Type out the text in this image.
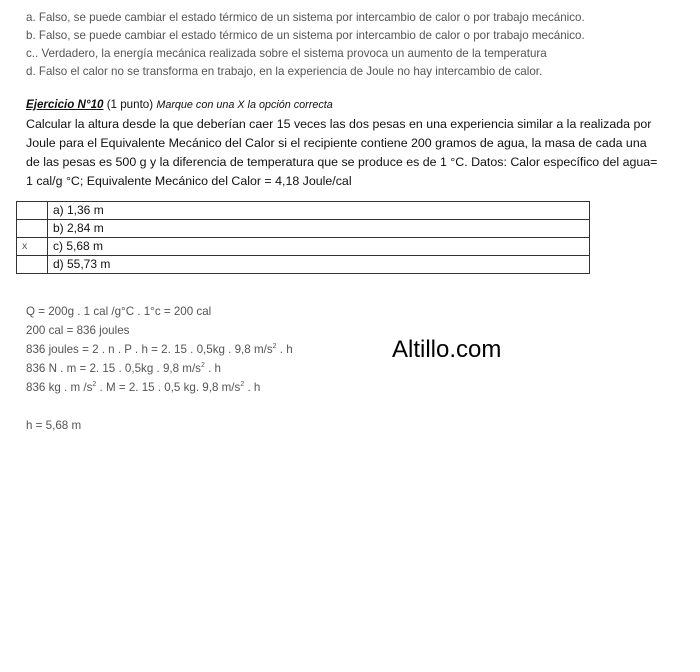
a. Falso, se puede cambiar el estado térmico de un sistema por intercambio de calor o por trabajo mecánico.
b. Falso, se puede cambiar el estado térmico de un sistema por intercambio de calor o por trabajo mecánico.
c.. Verdadero, la energía mecánica realizada sobre el sistema provoca un aumento de la temperatura
d. Falso el calor no se transforma en trabajo, en la experiencia de Joule no hay intercambio de calor.
Ejercicio N°10 (1 punto) Marque con una X la opción correcta
Calcular la altura desde la que deberían caer 15 veces las dos pesas en una experiencia similar a la realizada por
Joule para el Equivalente Mecánico del Calor si el recipiente contiene 200 gramos de agua, la masa de cada una
de las pesas es 500 g y la diferencia de temperatura que se produce es de 1 °C. Datos: Calor específico del agua=
1 cal/g °C; Equivalente Mecánico del Calor = 4,18 Joule/cal
	a) 1,36 m
	b) 2,84 m
x	c) 5,68 m
	d) 55,73 m
Q = 200g . 1 cal /g°C . 1°c = 200 cal
200 cal = 836 joules
836 joules = 2 . n . P . h = 2. 15 . 0,5kg . 9,8 $m/s^2$ . h
836 N . m = 2. 15 . 0,5kg . 9,8 $m/s^2$ . h
836 kg . m $/s^2$ . M = 2. 15 . 0,5 kg. 9,8 $m/s^2$ . h
h = 5,68 m
Altillo.com
